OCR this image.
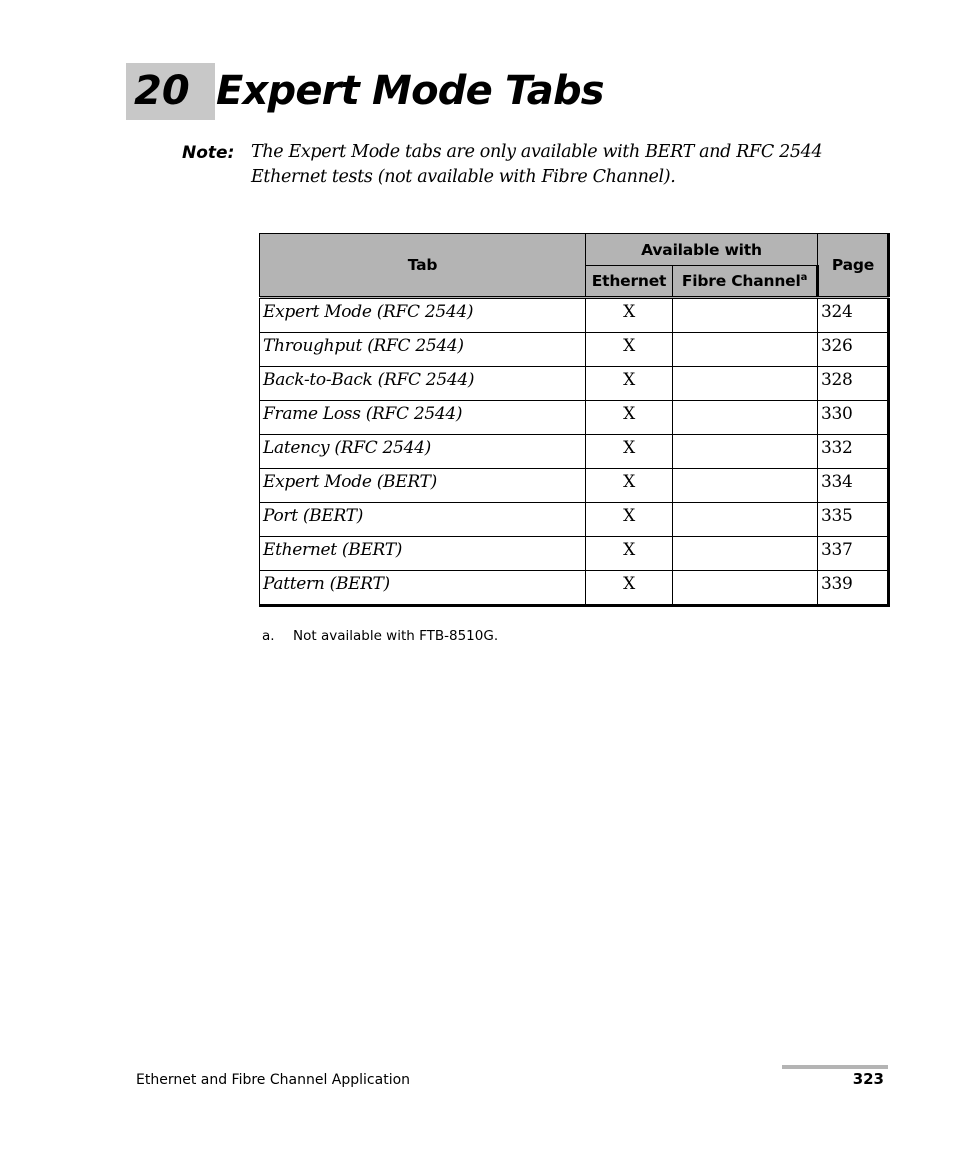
20 Expert Mode Tabs
Note: The Expert Mode tabs are only available with BERT and RFC 2544 Ethernet tests (not available with Fibre Channel).
Tab	Available with		Page
	Ethernet	Fibre Channel$^a$
Expert Mode (RFC 2544)	X		324
Throughput (RFC 2544)	X		326
Back-to-Back (RFC 2544)	X		328
Frame Loss (RFC 2544)	X		330
Latency (RFC 2544)	X		332
Expert Mode (BERT)	X		334
Port (BERT)	X		335
Ethernet (BERT)	X		337
Pattern (BERT)	X		339
a. Not available with FTB-8510G.
Ethernet and Fibre Channel Application	323
